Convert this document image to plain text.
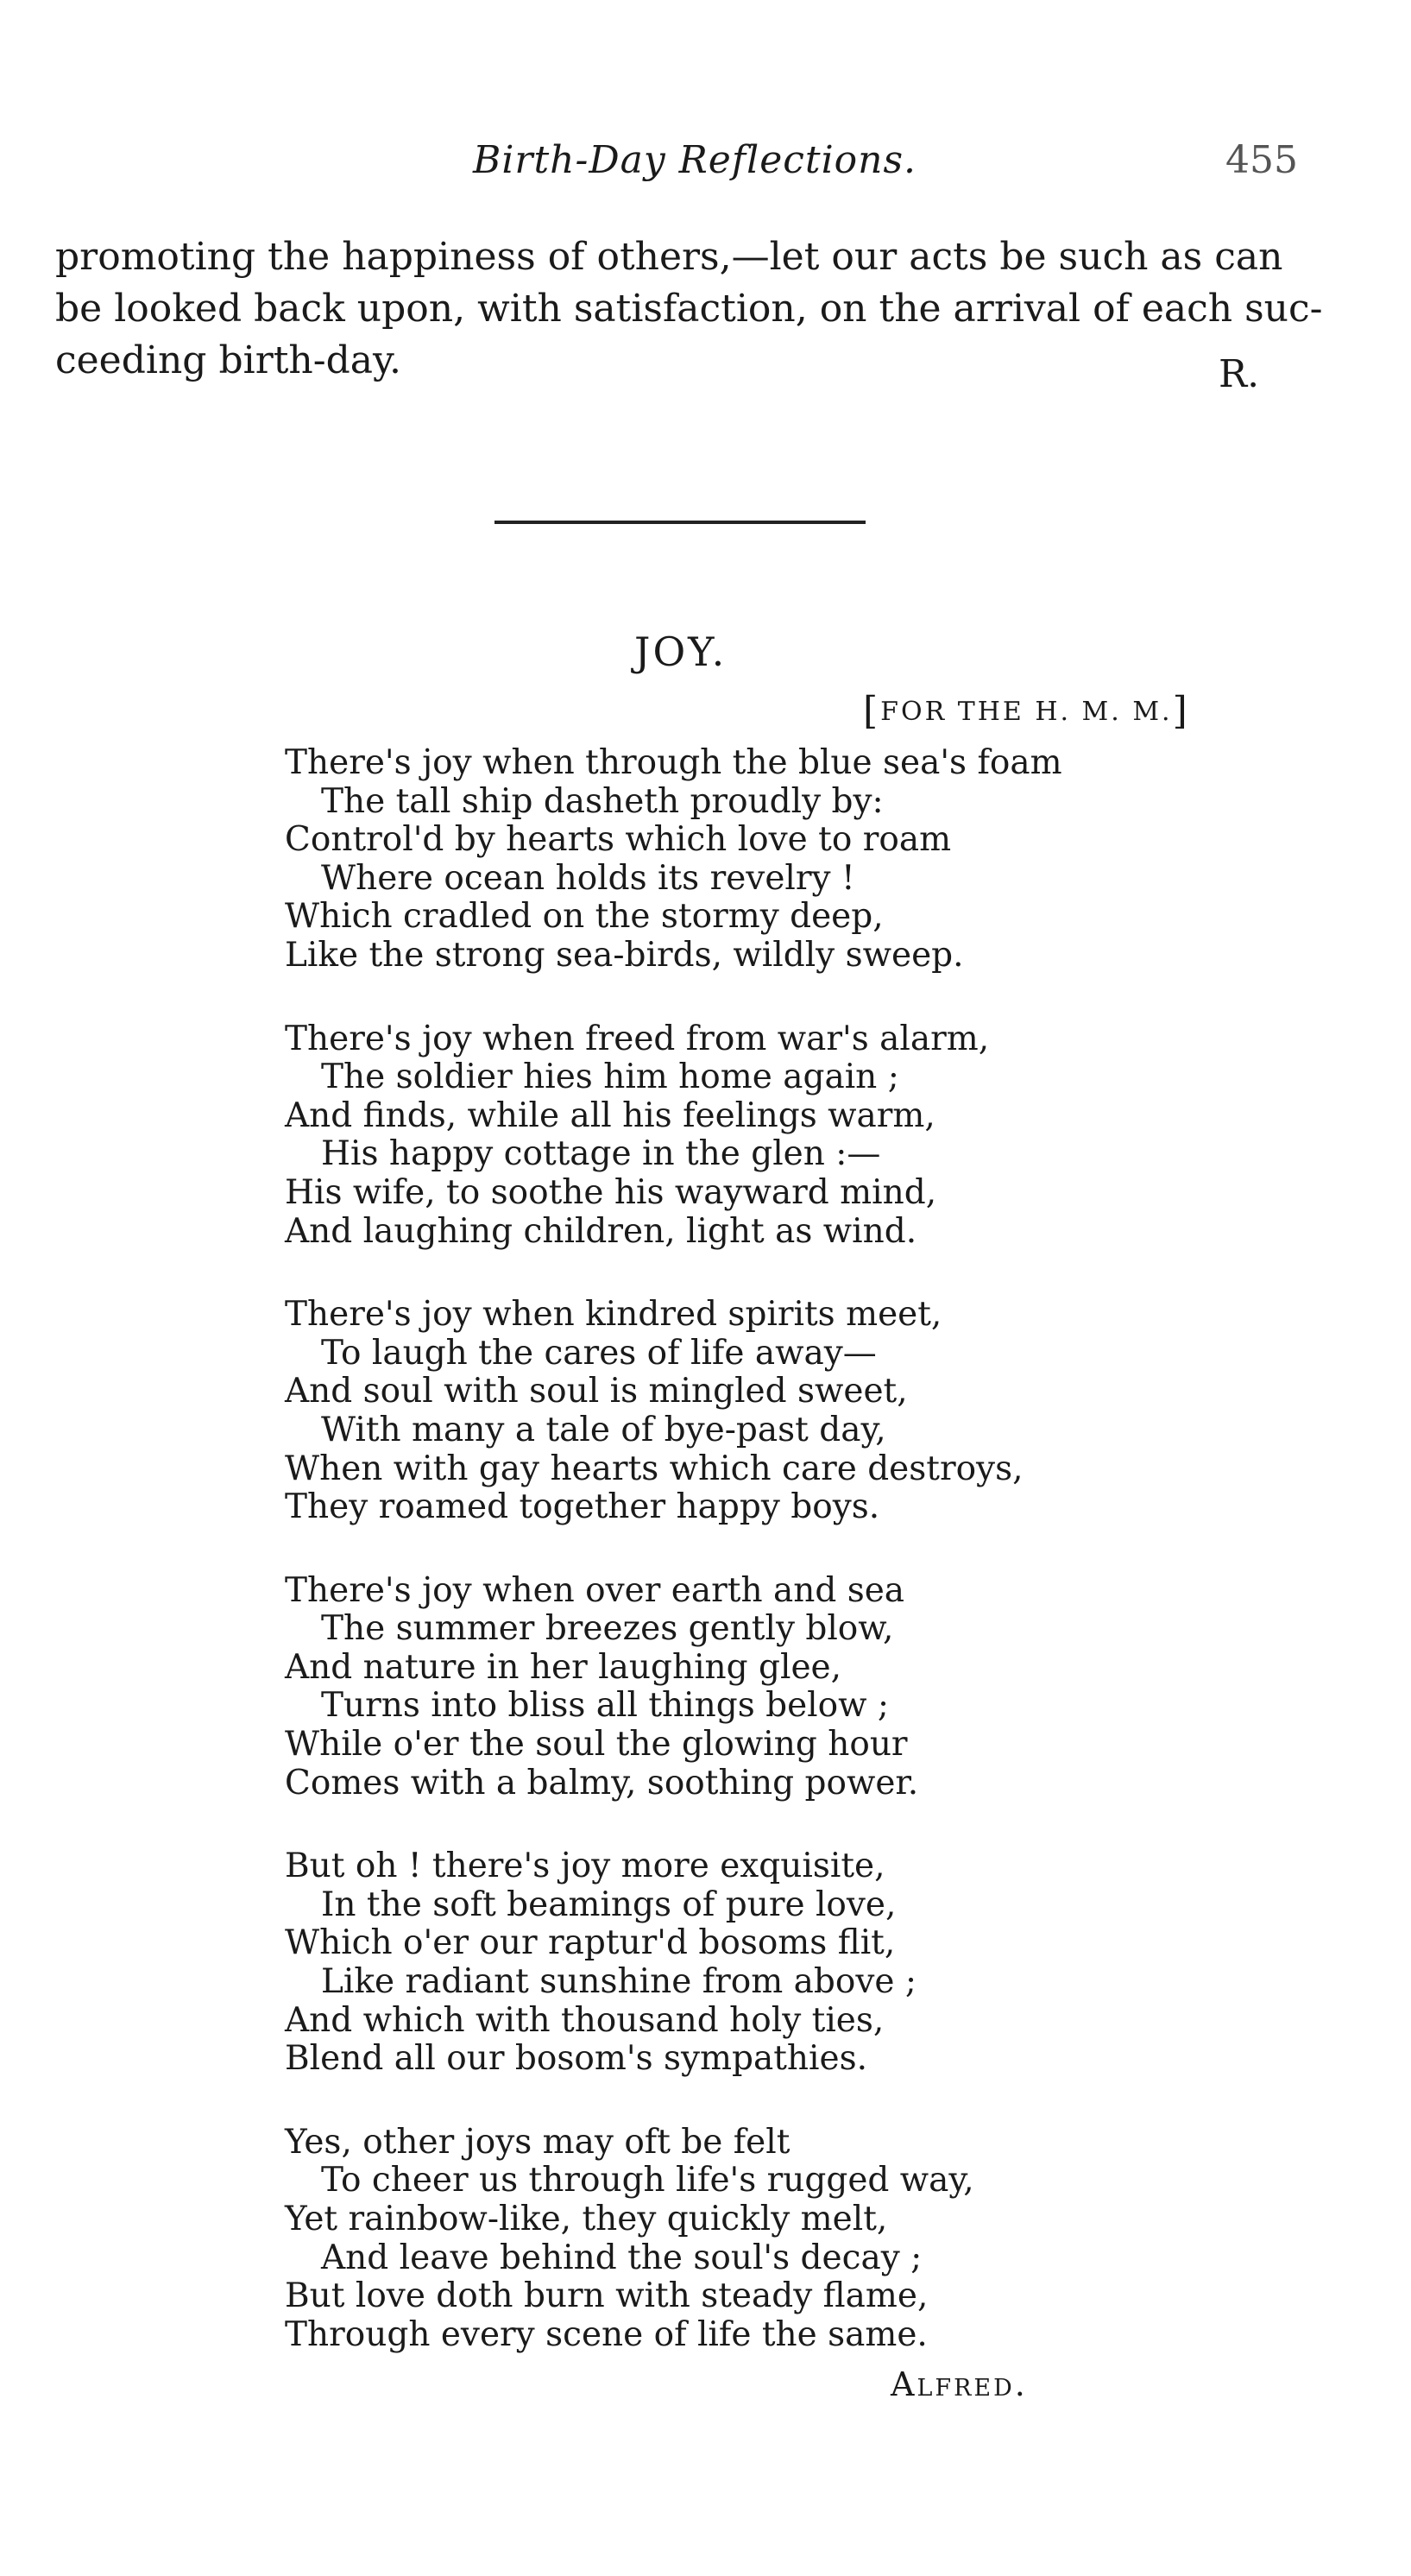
Birth-Day Reflections.	455
promoting the happiness of others,—let our acts be such as can
be looked back upon, with satisfaction, on the arrival of each suc-
ceeding birth-day.	R.
JOY.
[FOR THE H. M. M.]
There's joy when through the blue sea's foam
The tall ship dasheth proudly by:
Control'd by hearts which love to roam
Where ocean holds its revelry !
Which cradled on the stormy deep,
Like the strong sea-birds, wildly sweep.
There's joy when freed from war's alarm,
The soldier hies him home again ;
And finds, while all his feelings warm,
His happy cottage in the glen :—
His wife, to soothe his wayward mind,
And laughing children, light as wind.
There's joy when kindred spirits meet,
To laugh the cares of life away—
And soul with soul is mingled sweet,
With many a tale of bye-past day,
When with gay hearts which care destroys,
They roamed together happy boys.
There's joy when over earth and sea
The summer breezes gently blow,
And nature in her laughing glee,
Turns into bliss all things below ;
While o'er the soul the glowing hour
Comes with a balmy, soothing power.
But oh ! there's joy more exquisite,
In the soft beamings of pure love,
Which o'er our raptur'd bosoms flit,
Like radiant sunshine from above ;
And which with thousand holy ties,
Blend all our bosom's sympathies.
Yes, other joys may oft be felt
To cheer us through life's rugged way,
Yet rainbow-like, they quickly melt,
And leave behind the soul's decay ;
But love doth burn with steady flame,
Through every scene of life the same.
Alfred.
